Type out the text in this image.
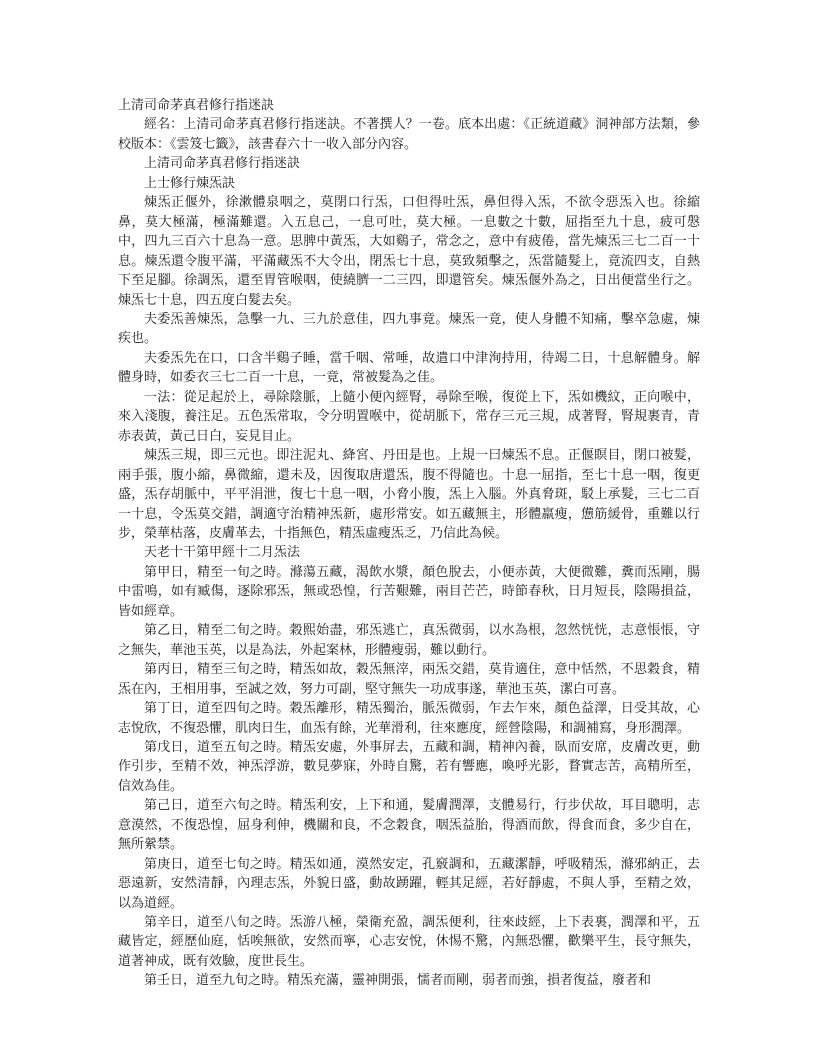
上清司命茅真君修行指迷訣

經名：上清司命茅真君修行指迷訣。不著撰人？一卷。底本出處：《正統道藏》洞神部方法類，參校版本：《雲笈七籤》，該書春六十一收入部分內容。

上清司命茅真君修行指迷訣

上士修行煉炁訣

煉炁正偃外，徐漱體泉咽之，莫閉口行炁，口但得吐炁，鼻但得入炁，不欲令惡炁入也。徐縮鼻，莫大極滿，極滿難還。入五息己，一息可吐，莫大極。一息數之十數，屈指至九十息，疲可慇中，四九三百六十息為一意。思脾中黃炁，大如鷄子，常念之，意中有疲倦，當先煉炁三七二百一十息。煉炁還令腹平滿，平滿藏炁不大令出，閉炁七十息，莫致頻擊之，炁當隨髮上，竟流四支，自熱下至足腳。徐調炁，還至胃管喉咽，使繞臍一二三四，即還管矣。煉炁偃外為之，日出便當坐行之。煉炁七十息，四五度白髮去矣。

夫委炁善煉炁，急擊一九、三九於意佳，四九事竟。煉炁一竟，使人身體不知痛，擊卒急處，煉疾也。

夫委炁先在口，口含半鷄子睡，當千咽、常唾，故遣口中津洵持用，待竭二日，十息解體身。解體身時，如委衣三七二百一十息，一竟，常被髮為之佳。

一法：從足起於上，尋除陰脈，上隨小便內經腎，尋除至喉，復從上下，炁如機紋，正向喉中，來入淺腹，養注足。五色炁常取，令分明置喉中，從胡脈下，常存三元三規，成著腎，腎規裹青，青赤表黃，黃己日白，妄見目止。

煉炁三規，即三元也。即注泥丸、絳宮、丹田是也。上規一曰煉炁不息。正偃瞑目，閉口被髮，兩手張，腹小縮，鼻微縮，還未及，因復取唐還炁，腹不得隨也。十息一屈指，至七十息一咽，復更盛，炁存胡脈中，平平涓泄，復七十息一咽，小脅小腹，炁上入腦。外真脅斑，駁上承髮，三七二百一十息，令炁莫交錯，調適守治精神炁新，處形常安。如五藏無主，形體羸瘦，憊筋緩骨，重難以行步，榮華枯落，皮膚革去，十指無色，精炁虛瘦炁乏，乃信此為候。

天老十干第甲經十二月炁法

第甲日，精至一旬之時。滌蕩五藏，渴飲水漿，顏色脫去，小便赤黃，大便微難，糞而炁剛，腸中雷鳴，如有臧傷，逐除邪炁，無或恐惶，行苦艱難，兩目芒芒，時節春秋，日月短長，陰陽損益，皆如經章。

第乙日，精至二旬之時。穀熙始盡，邪炁逃亡，真炁微弱，以水為根，忽然恍恍，志意悵悵，守之無失，華池玉英，以是為法，外起案林，形體瘦弱，難以動行。

第丙日，精至三旬之時，精炁如故，穀炁無滓，兩炁交錯，莫肯適住，意中恬然，不思穀食，精炁在內，王相用事，至誠之效，努力可副，堅守無失一功成事遂，華池玉英，潔白可喜。

第丁日，道至四旬之時。穀炁離形，精炁獨治，脈炁微弱，乍去乍來，顏色益澤，日受其故，心志悅欣，不復恐懼，肌肉日生，血炁有餘，光華滑利，往來應度，經營陰陽，和調補寫，身形潤澤。

第戊日，道至五旬之時。精炁安處，外事屏去，五藏和調，精神內養，臥而安席，皮膚改更，動作引步，至精不效，神炁浮游，數見夢寐，外時自驚，若有響應，喚呼光影，瞀實志苦，高精所至，信效為佳。

第己日，道至六旬之時。精炁利安，上下和通，髮膚潤澤，支體易行，行步伏故，耳目聰明，志意漠然，不復恐惶，屈身利伸，機關和良，不念穀食，咽炁益胎，得酒而飲，得食而食，多少自在，無所縈禁。

第庚日，道至七旬之時。精炁如通，漠然安定，孔竅調和，五藏潔靜，呼吸精炁，滌邪納正，去惡遠新，安然清靜，內理志炁，外貌日盛，動故踴躍，輕其足經，若好靜處，不與人爭，至精之效，以為道經。

第辛日，道至八旬之時。炁游八極，榮衛充盈，調炁便利，往來歧經，上下表裏，潤澤和平，五藏皆定，經歷仙庭，恬唉無欲，安然而寧，心志安悅，休惕不驚，內無恐懼，歡樂平生，長守無失，道著神成，既有效驗，度世長生。

第壬日，道至九旬之時。精炁充滿，靈神開張，懦者而剛，弱者而強，損者復益，廢者和
